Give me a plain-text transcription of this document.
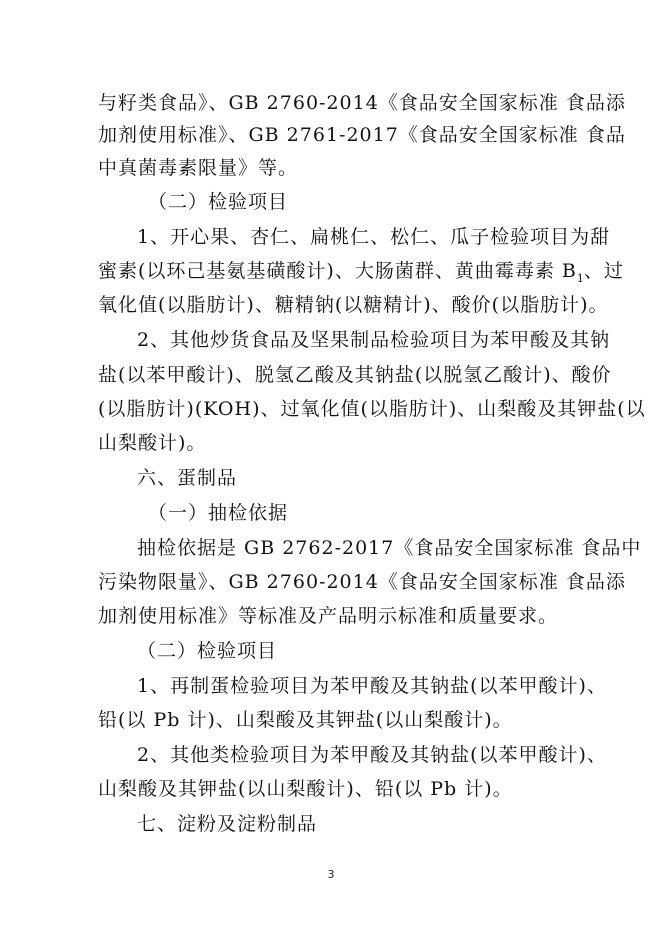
与籽类食品》、GB 2760-2014《食品安全国家标准 食品添
加剂使用标准》、GB 2761-2017《食品安全国家标准 食品
中真菌毒素限量》等。
（二）检验项目
1、开心果、杏仁、扁桃仁、松仁、瓜子检验项目为甜
蜜素(以环己基氨基磺酸计)、大肠菌群、黄曲霉毒素 $B_1$、过
氧化值(以脂肪计)、糖精钠(以糖精计)、酸价(以脂肪计)。
2、其他炒货食品及坚果制品检验项目为苯甲酸及其钠
盐(以苯甲酸计)、脱氢乙酸及其钠盐(以脱氢乙酸计)、酸价
(以脂肪计)(KOH)、过氧化值(以脂肪计)、山梨酸及其钾盐(以
山梨酸计)。
六、蛋制品
（一）抽检依据
抽检依据是 GB 2762-2017《食品安全国家标准 食品中
污染物限量》、GB 2760-2014《食品安全国家标准 食品添
加剂使用标准》等标准及产品明示标准和质量要求。
（二）检验项目
1、再制蛋检验项目为苯甲酸及其钠盐(以苯甲酸计)、
铅(以 Pb 计)、山梨酸及其钾盐(以山梨酸计)。
2、其他类检验项目为苯甲酸及其钠盐(以苯甲酸计)、
山梨酸及其钾盐(以山梨酸计)、铅(以 Pb 计)。
七、淀粉及淀粉制品
3
